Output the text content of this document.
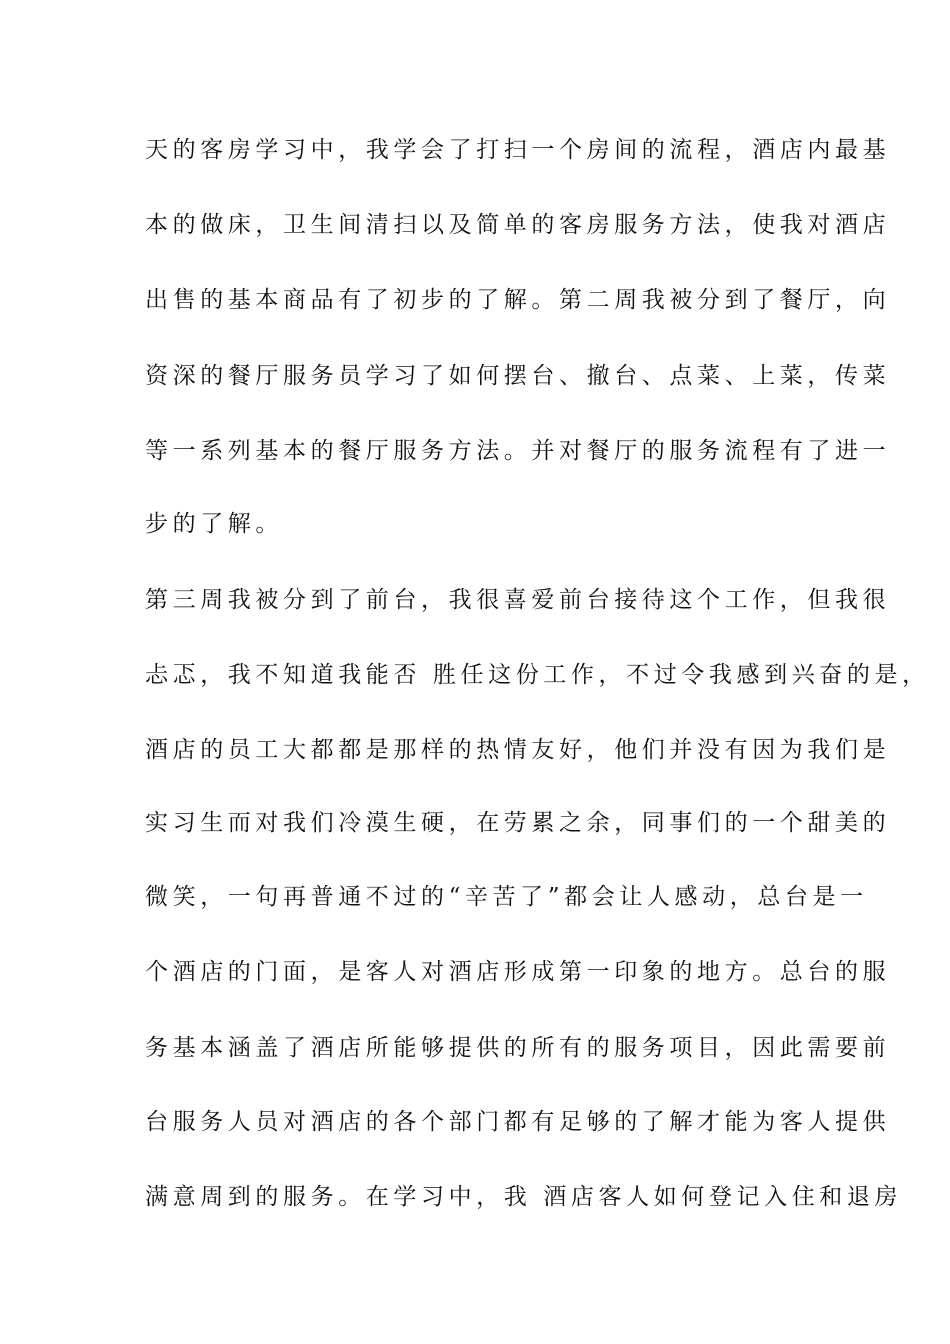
天的客房学习中，我学会了打扫一个房间的流程，酒店内最基
本的做床，卫生间清扫以及简单的客房服务方法，使我对酒店
出售的基本商品有了初步的了解。第二周我被分到了餐厅，向
资深的餐厅服务员学习了如何摆台、撤台、点菜、上菜，传菜
等一系列基本的餐厅服务方法。并对餐厅的服务流程有了进一
步的了解。
第三周我被分到了前台，我很喜爱前台接待这个工作，但我很
忐忑，我不知道我能否 胜任这份工作，不过令我感到兴奋的是，
酒店的员工大都都是那样的热情友好，他们并没有因为我们是
实习生而对我们冷漠生硬，在劳累之余，同事们的一个甜美的
微笑，一句再普通不过的“辛苦了”都会让人感动，总台是一
个酒店的门面，是客人对酒店形成第一印象的地方。总台的服
务基本涵盖了酒店所能够提供的所有的服务项目，因此需要前
台服务人员对酒店的各个部门都有足够的了解才能为客人提供
满意周到的服务。在学习中，我 酒店客人如何登记入住和退房
